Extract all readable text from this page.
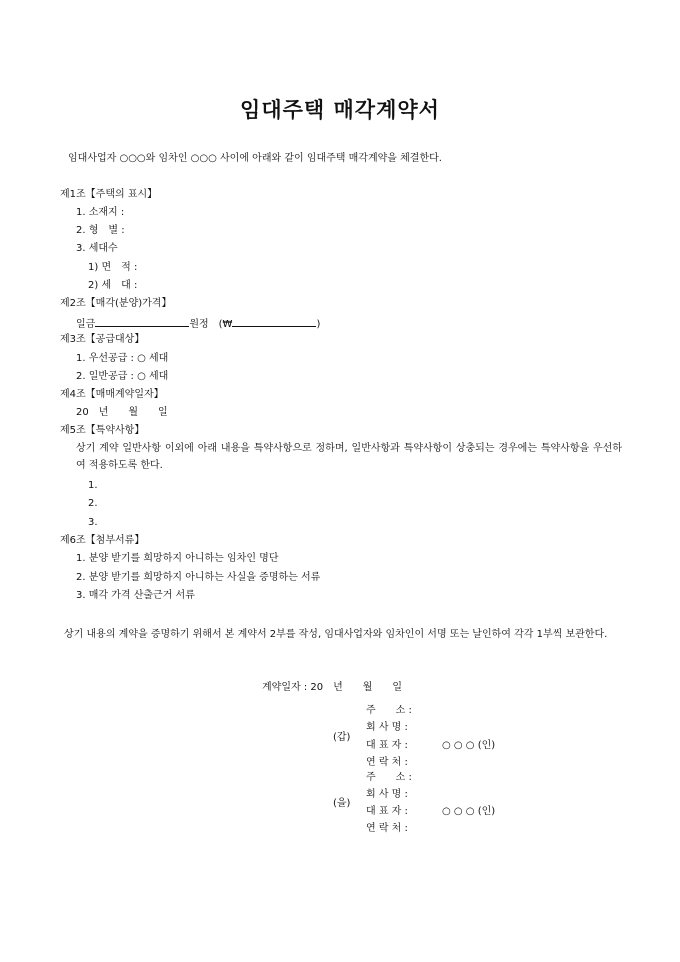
임대주택 매각계약서
임대사업자 ○○○와 임차인 ○○○ 사이에 아래와 같이 임대주택 매각계약을 체결한다.
제1조【주택의 표시】
1. 소재지 :
2. 형　별 :
3. 세대수
1) 면　적 :
2) 세　대 :
제2조【매각(분양)가격】
일금	원정　 (₩	)
제3조【공급대상】
1. 우선공급 : ○ 세대
2. 일반공급 : ○ 세대
제4조【매매계약일자】
20　년　　월　　일
제5조【특약사항】
상기 계약 일반사항 이외에 아래 내용을 특약사항으로 정하며, 일반사항과 특약사항이 상충되는 경우에는 특약사항을 우선하여 적용하도록 한다.
1.
2.
3.
제6조【첨부서류】
1. 분양 받기를 희망하지 아니하는 임차인 명단
2. 분양 받기를 희망하지 아니하는 사실을 증명하는 서류
3. 매각 가격 산출근거 서류
상기 내용의 계약을 증명하기 위해서 본 계약서 2부를 작성, 임대사업자와 임차인이 서명 또는 날인하여 각각 1부씩 보관한다.
계약일자 : 20　년　　월　　일
(갑)
주　　소 :
회 사 명 :
대 표 자 :	○ ○ ○ (인)
연 락 처 :
(을)
주　　소 :
회 사 명 :
대 표 자 :	○ ○ ○ (인)
연 락 처 :
